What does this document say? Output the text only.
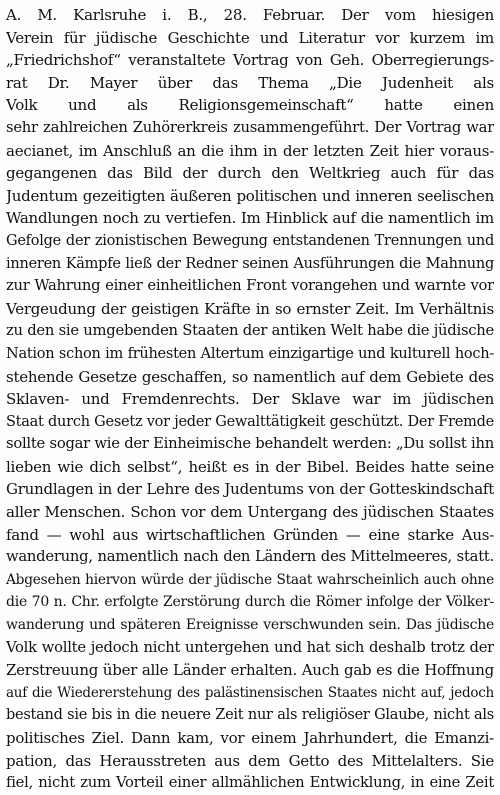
A. M. Karlsruhe i. B., 28. Februar. Der vom hiesigen
Verein für jüdische Geschichte und Literatur vor kurzem im
„Friedrichshof“ veranstaltete Vortrag von Geh. Oberregierungs-
rat Dr. Mayer über das Thema „Die Judenheit als
Volk und als Religionsgemeinschaft“ hatte einen
sehr zahlreichen Zuhörerkreis zusammengeführt. Der Vortrag war
aecianet, im Anschluß an die ihm in der letzten Zeit hier voraus-
gegangenen das Bild der durch den Weltkrieg auch für das
Judentum gezeitigten äußeren politischen und inneren seelischen
Wandlungen noch zu vertiefen. Im Hinblick auf die namentlich im
Gefolge der zionistischen Bewegung entstandenen Trennungen und
inneren Kämpfe ließ der Redner seinen Ausführungen die Mahnung
zur Wahrung einer einheitlichen Front vorangehen und warnte vor
Vergeudung der geistigen Kräfte in so ernster Zeit. Im Verhältnis
zu den sie umgebenden Staaten der antiken Welt habe die jüdische
Nation schon im frühesten Altertum einzigartige und kulturell hoch-
stehende Gesetze geschaffen, so namentlich auf dem Gebiete des
Sklaven- und Fremdenrechts. Der Sklave war im jüdischen
Staat durch Gesetz vor jeder Gewalttätigkeit geschützt. Der Fremde
sollte sogar wie der Einheimische behandelt werden: „Du sollst ihn
lieben wie dich selbst“, heißt es in der Bibel. Beides hatte seine
Grundlagen in der Lehre des Judentums von der Gotteskindschaft
aller Menschen. Schon vor dem Untergang des jüdischen Staates
fand — wohl aus wirtschaftlichen Gründen — eine starke Aus-
wanderung, namentlich nach den Ländern des Mittelmeeres, statt.
Abgesehen hiervon würde der jüdische Staat wahrscheinlich auch ohne
die 70 n. Chr. erfolgte Zerstörung durch die Römer infolge der Völker-
wanderung und späteren Ereignisse verschwunden sein. Das jüdische
Volk wollte jedoch nicht untergehen und hat sich deshalb trotz der
Zerstreuung über alle Länder erhalten. Auch gab es die Hoffnung
auf die Wiedererstehung des palästinensischen Staates nicht auf, jedoch
bestand sie bis in die neuere Zeit nur als religiöser Glaube, nicht als
politisches Ziel. Dann kam, vor einem Jahrhundert, die Emanzi-
pation, das Herausstreten aus dem Getto des Mittelalters. Sie
fiel, nicht zum Vorteil einer allmählichen Entwicklung, in eine Zeit
